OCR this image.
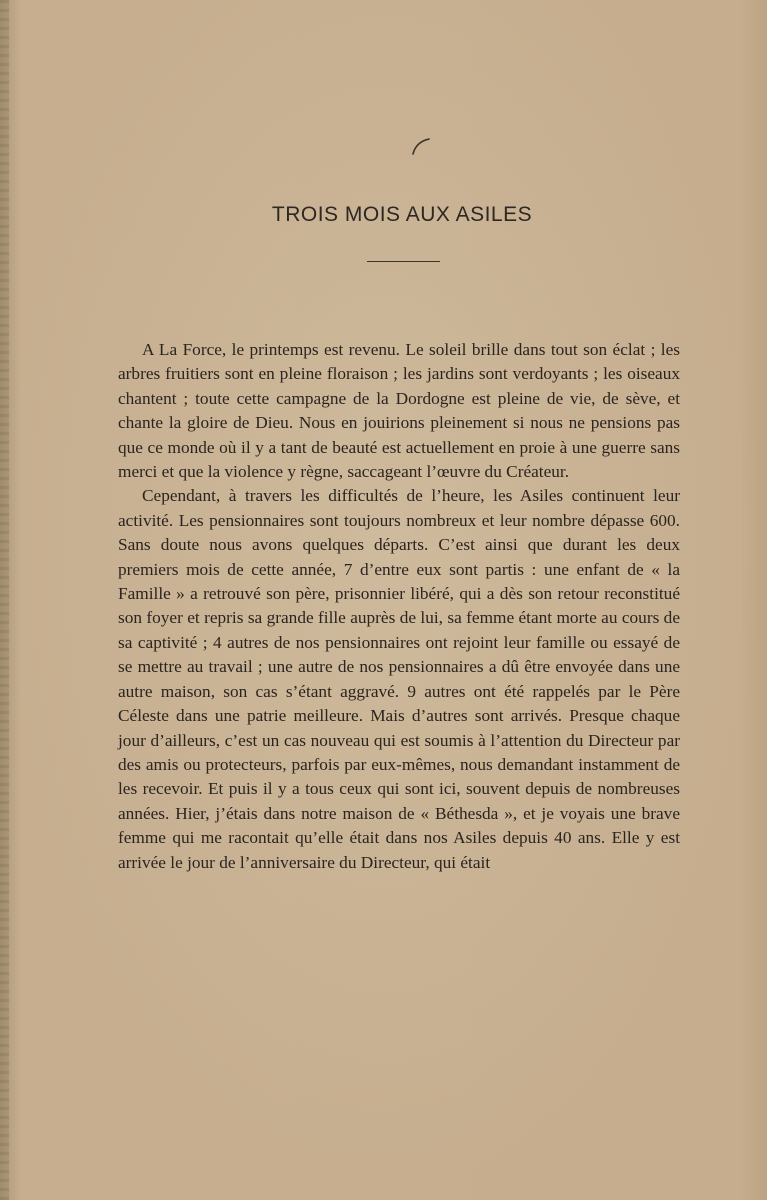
TROIS MOIS AUX ASILES

A La Force, le printemps est revenu. Le soleil brille dans tout son éclat ; les arbres fruitiers sont en pleine floraison ; les jardins sont verdoyants ; les oiseaux chantent ; toute cette campagne de la Dordogne est pleine de vie, de sève, et chante la gloire de Dieu. Nous en jouirions pleinement si nous ne pensions pas que ce monde où il y a tant de beauté est actuellement en proie à une guerre sans merci et que la violence y règne, saccageant l’œuvre du Créateur.

Cependant, à travers les difficultés de l’heure, les Asiles continuent leur activité. Les pensionnaires sont toujours nombreux et leur nombre dépasse 600. Sans doute nous avons quelques départs. C’est ainsi que durant les deux premiers mois de cette année, 7 d’entre eux sont partis : une enfant de « la Famille » a retrouvé son père, prisonnier libéré, qui a dès son retour reconstitué son foyer et repris sa grande fille auprès de lui, sa femme étant morte au cours de sa captivité ; 4 autres de nos pensionnaires ont rejoint leur famille ou essayé de se mettre au travail ; une autre de nos pensionnaires a dû être envoyée dans une autre maison, son cas s’étant aggravé. 9 autres ont été rappelés par le Père Céleste dans une patrie meilleure. Mais d’autres sont arrivés. Presque chaque jour d’ailleurs, c’est un cas nouveau qui est soumis à l’attention du Directeur par des amis ou protecteurs, parfois par eux-mêmes, nous demandant instamment de les recevoir. Et puis il y a tous ceux qui sont ici, souvent depuis de nombreuses années. Hier, j’étais dans notre maison de « Béthesda », et je voyais une brave femme qui me racontait qu’elle était dans nos Asiles depuis 40 ans. Elle y est arrivée le jour de l’anniversaire du Directeur, qui était
